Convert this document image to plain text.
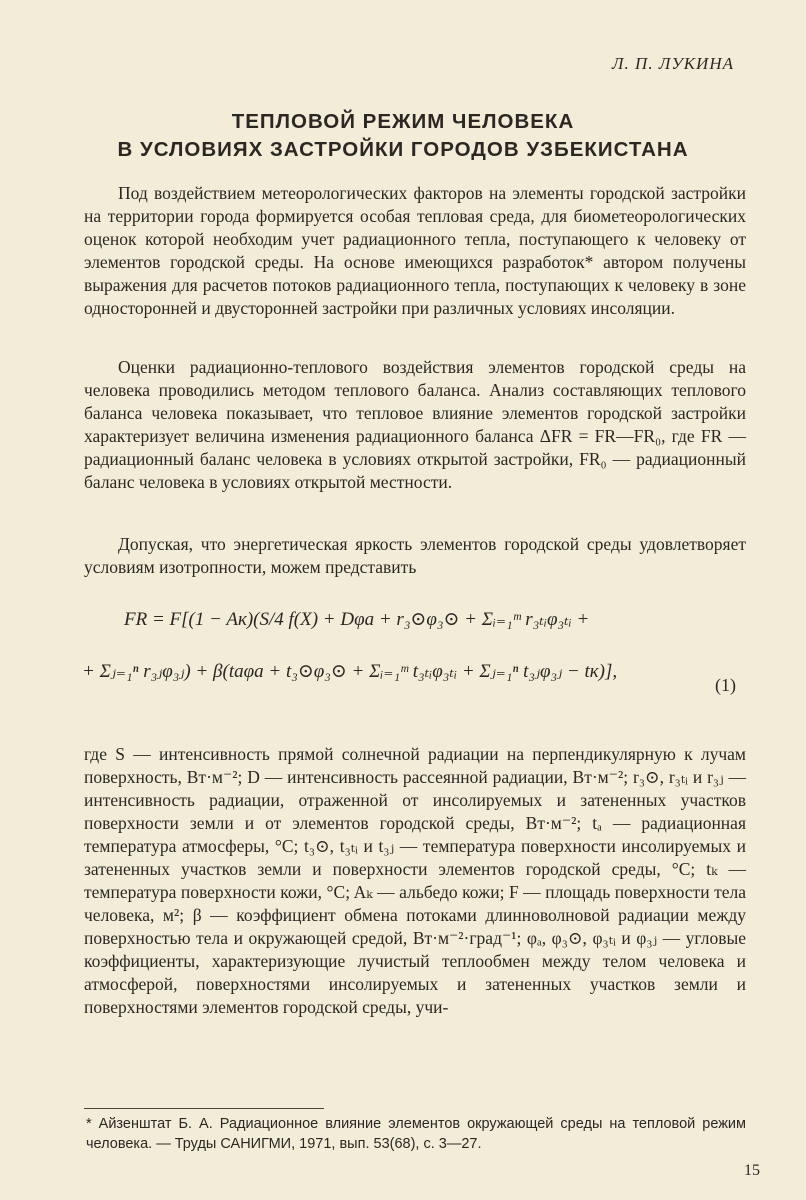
Л. П. ЛУКИНА
ТЕПЛОВОЙ РЕЖИМ ЧЕЛОВЕКА
В УСЛОВИЯХ ЗАСТРОЙКИ ГОРОДОВ УЗБЕКИСТАНА

Под воздействием метеорологических факторов на элементы городской застройки на территории города формируется особая тепловая среда, для биометеорологических оценок которой необходим учет радиационного тепла, поступающего к человеку от элементов городской среды. На основе имеющихся разработок* автором получены выражения для расчетов потоков радиационного тепла, поступающих к человеку в зоне односторонней и двусторонней застройки при различных условиях инсоляции.

Оценки радиационно-теплового воздействия элементов городской среды на человека проводились методом теплового баланса. Анализ составляющих теплового баланса человека показывает, что тепловое влияние элементов городской застройки характеризует величина изменения радиационного баланса ΔFR = FR—FR₀, где FR — радиационный баланс человека в условиях открытой застройки, FR₀ — радиационный баланс человека в условиях открытой местности.

Допуская, что энергетическая яркость элементов городской среды удовлетворяет условиям изотропности, можем представить

FR = F[(1 − Aк)(S/4 f(X) + Dφа + r₃⊙φ₃⊙ + Σᵢ₌₁ᵐ r₃ₜᵢφ₃ₜᵢ +
+ Σⱼ₌₁ⁿ r₃ⱼφ₃ⱼ) + β(tаφа + t₃⊙φ₃⊙ + Σᵢ₌₁ᵐ t₃ₜᵢφ₃ₜᵢ + Σⱼ₌₁ⁿ t₃ⱼφ₃ⱼ − tк)],
(1)

где S — интенсивность прямой солнечной радиации на перпендикулярную к лучам поверхность, Вт·м⁻²; D — интенсивность рассеянной радиации, Вт·м⁻²; r₃⊙, r₃ₜᵢ и r₃ⱼ — интенсивность радиации, отраженной от инсолируемых и затененных участков поверхности земли и от элементов городской среды, Вт·м⁻²; tₐ — радиационная температура атмосферы, °C; t₃⊙, t₃ₜᵢ и t₃ⱼ — температура поверхности инсолируемых и затененных участков земли и поверхности элементов городской среды, °C; tₖ — температура поверхности кожи, °C; Aₖ — альбедо кожи; F — площадь поверхности тела человека, м²; β — коэффициент обмена потоками длинноволновой радиации между поверхностью тела и окружающей средой, Вт·м⁻²·град⁻¹; φₐ, φ₃⊙, φ₃ₜᵢ и φ₃ⱼ — угловые коэффициенты, характеризующие лучистый теплообмен между телом человека и атмосферой, поверхностями инсолируемых и затененных участков земли и поверхностями элементов городской среды, учи-

* Айзенштат Б. А. Радиационное влияние элементов окружающей среды на тепловой режим человека. — Труды САНИГМИ, 1971, вып. 53(68), с. 3—27.
15
